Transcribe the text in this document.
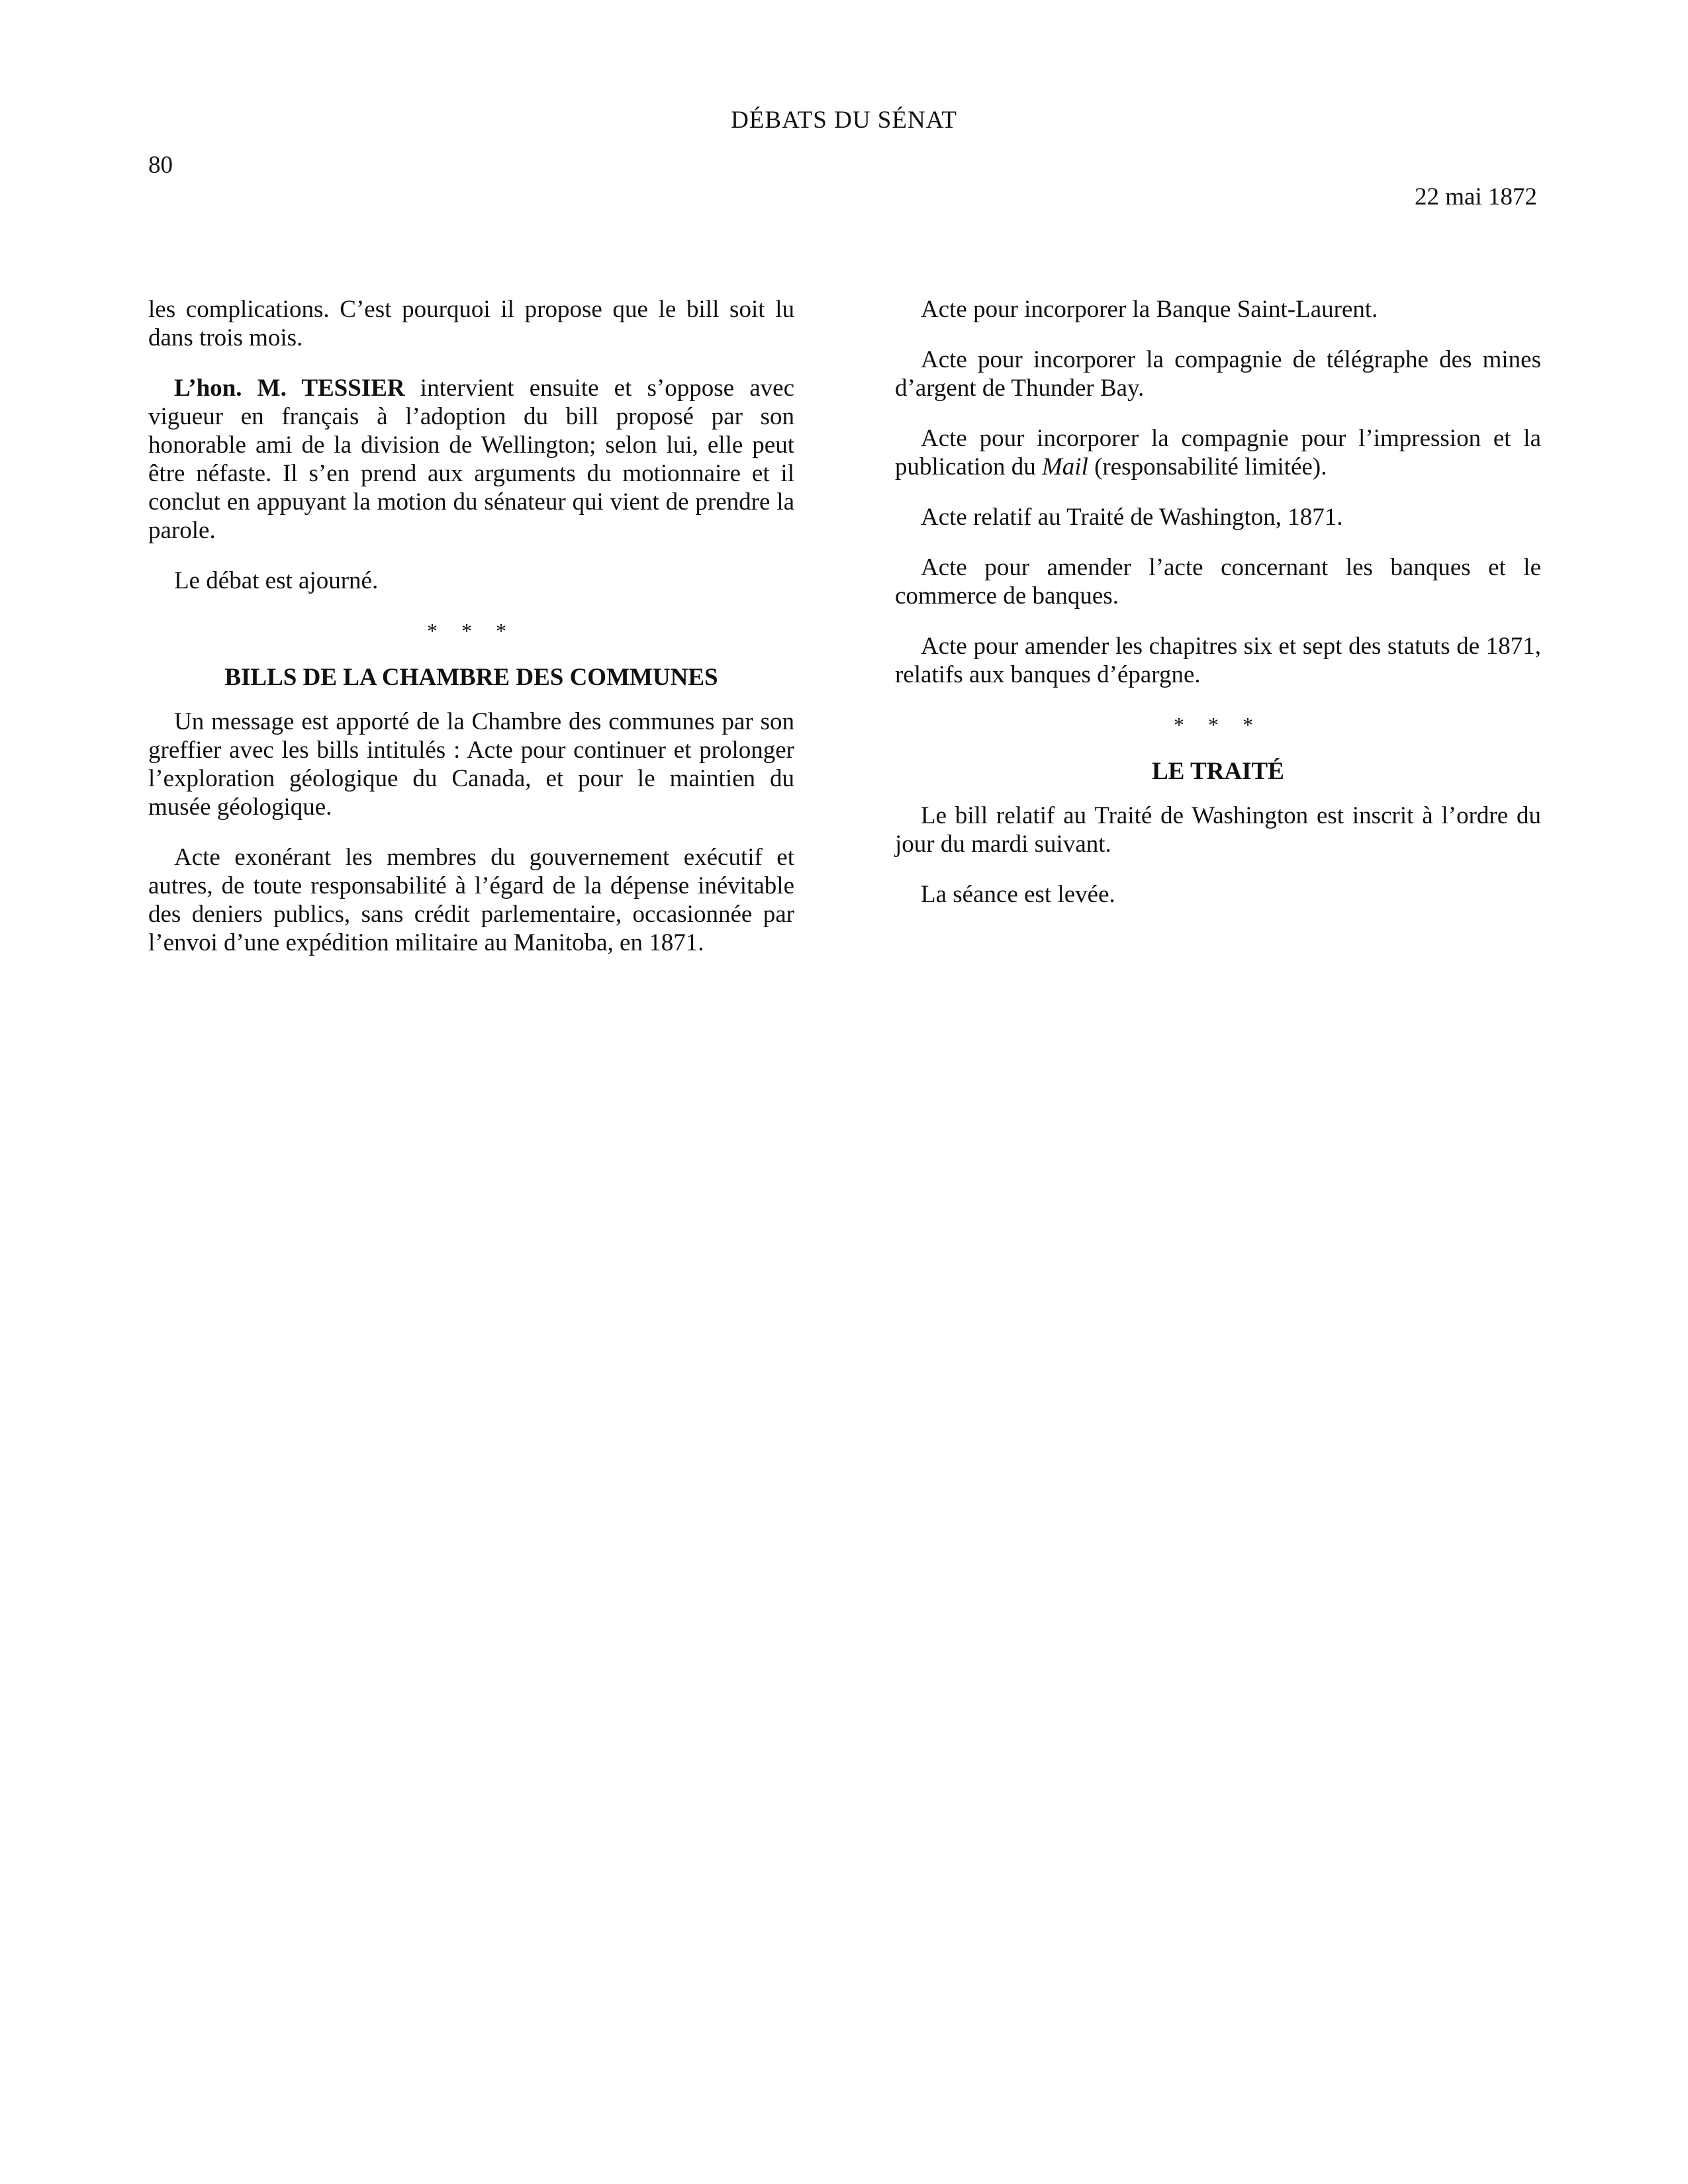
DÉBATS DU SÉNAT
80
22 mai 1872

les complications. C’est pourquoi il propose que le bill soit lu dans trois mois.

L’hon. M. TESSIER intervient ensuite et s’oppose avec vigueur en français à l’adoption du bill proposé par son honorable ami de la division de Wellington; selon lui, elle peut être néfaste. Il s’en prend aux arguments du motionnaire et il conclut en appuyant la motion du sénateur qui vient de prendre la parole.

Le débat est ajourné.

* * *
BILLS DE LA CHAMBRE DES COMMUNES

Un message est apporté de la Chambre des communes par son greffier avec les bills intitulés : Acte pour continuer et prolonger l’exploration géologique du Canada, et pour le maintien du musée géologique.

Acte exonérant les membres du gouvernement exécutif et autres, de toute responsabilité à l’égard de la dépense inévitable des deniers publics, sans crédit parlementaire, occasionnée par l’envoi d’une expédition militaire au Manitoba, en 1871.

Acte pour incorporer la Banque Saint-Laurent.

Acte pour incorporer la compagnie de télégraphe des mines d’argent de Thunder Bay.

Acte pour incorporer la compagnie pour l’impression et la publication du Mail (responsabilité limitée).

Acte relatif au Traité de Washington, 1871.

Acte pour amender l’acte concernant les banques et le commerce de banques.

Acte pour amender les chapitres six et sept des statuts de 1871, relatifs aux banques d’épargne.

* * *
LE TRAITÉ

Le bill relatif au Traité de Washington est inscrit à l’ordre du jour du mardi suivant.

La séance est levée.
